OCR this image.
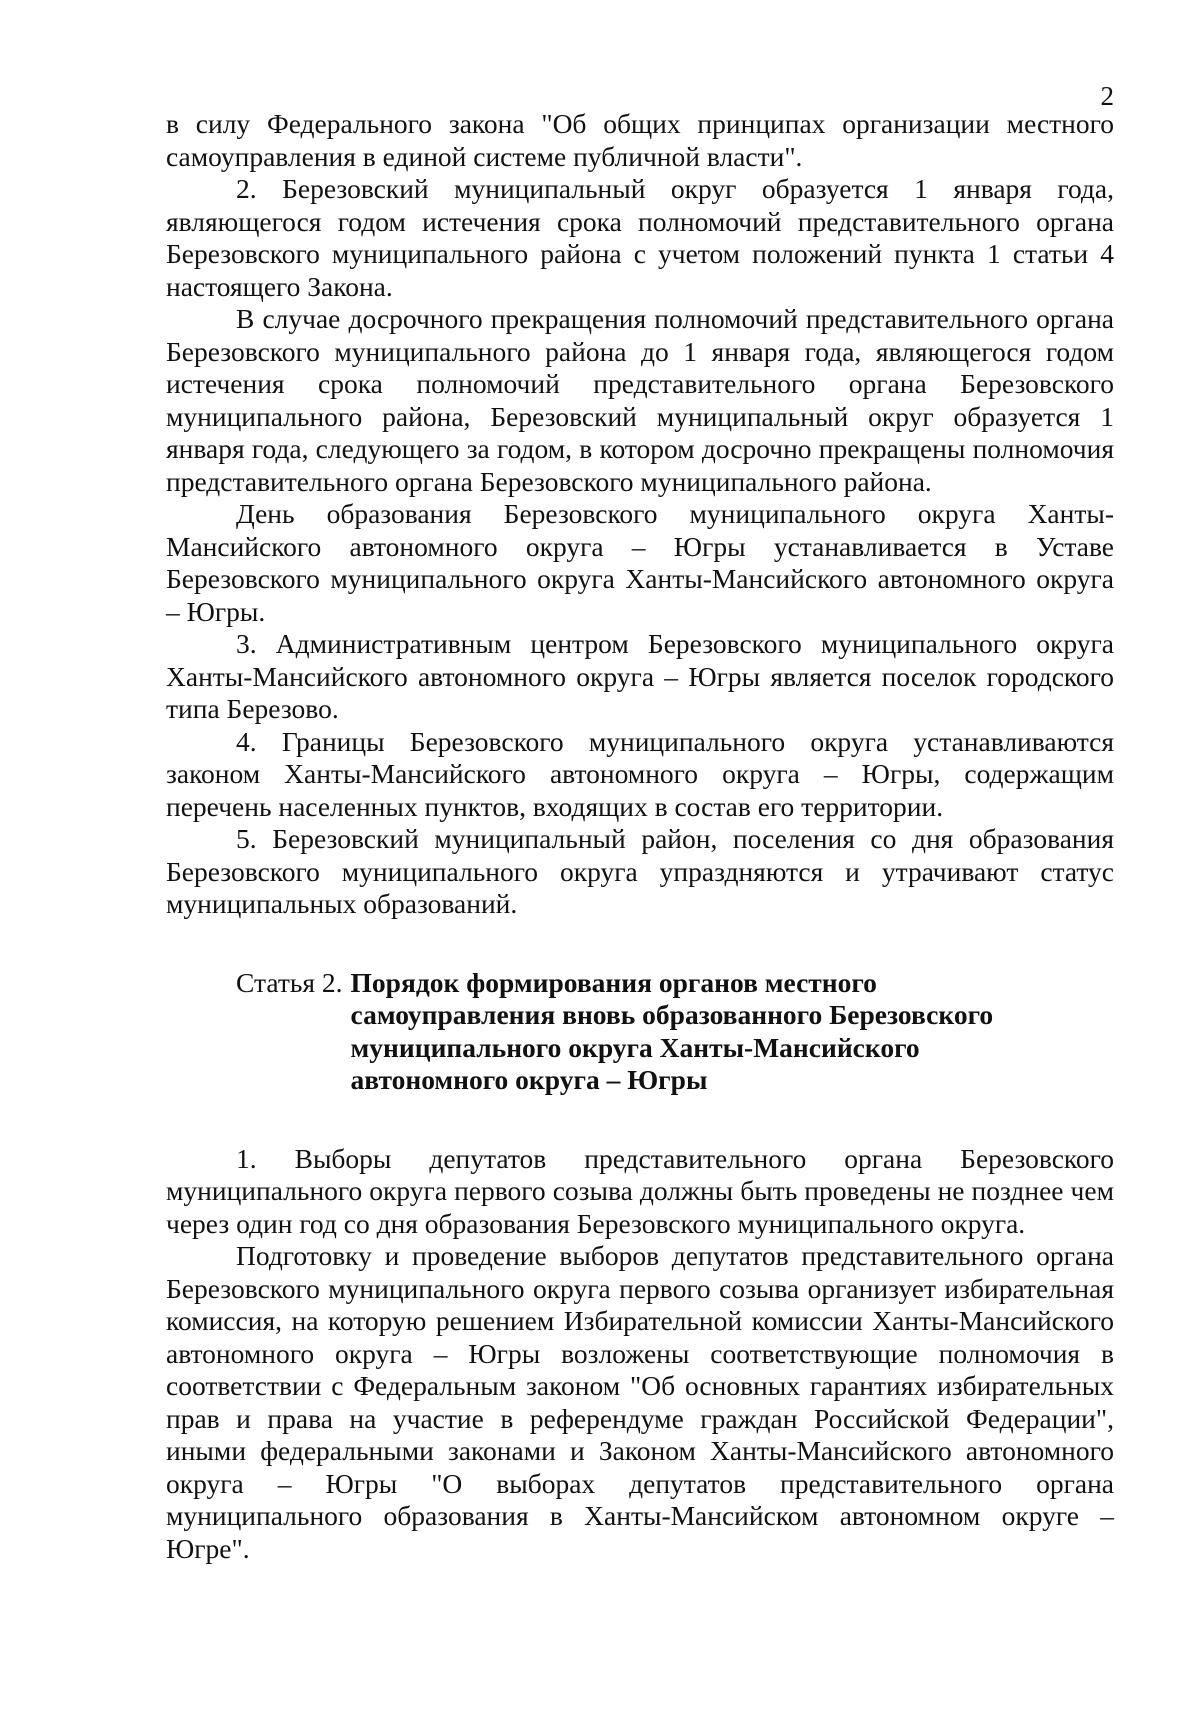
2

в силу Федерального закона "Об общих принципах организации местного самоуправления в единой системе публичной власти".

2. Березовский муниципальный округ образуется 1 января года, являющегося годом истечения срока полномочий представительного органа Березовского муниципального района с учетом положений пункта 1 статьи 4 настоящего Закона.

В случае досрочного прекращения полномочий представительного органа Березовского муниципального района до 1 января года, являющегося годом истечения срока полномочий представительного органа Березовского муниципального района, Березовский муниципальный округ образуется 1 января года, следующего за годом, в котором досрочно прекращены полномочия представительного органа Березовского муниципального района.

День образования Березовского муниципального округа Ханты-Мансийского автономного округа – Югры устанавливается в Уставе Березовского муниципального округа Ханты-Мансийского автономного округа – Югры.

3. Административным центром Березовского муниципального округа Ханты-Мансийского автономного округа – Югры является поселок городского типа Березово.

4. Границы Березовского муниципального округа устанавливаются законом Ханты-Мансийского автономного округа – Югры, содержащим перечень населенных пунктов, входящих в состав его территории.

5. Березовский муниципальный район, поселения со дня образования Березовского муниципального округа упраздняются и утрачивают статус муниципальных образований.

Статья 2. Порядок формирования органов местного самоуправления вновь образованного Березовского муниципального округа Ханты-Мансийского автономного округа – Югры

1. Выборы депутатов представительного органа Березовского муниципального округа первого созыва должны быть проведены не позднее чем через один год со дня образования Березовского муниципального округа.

Подготовку и проведение выборов депутатов представительного органа Березовского муниципального округа первого созыва организует избирательная комиссия, на которую решением Избирательной комиссии Ханты-Мансийского автономного округа – Югры возложены соответствующие полномочия в соответствии с Федеральным законом "Об основных гарантиях избирательных прав и права на участие в референдуме граждан Российской Федерации", иными федеральными законами и Законом Ханты-Мансийского автономного округа – Югры "О выборах депутатов представительного органа муниципального образования в Ханты-Мансийском автономном округе – Югре".
